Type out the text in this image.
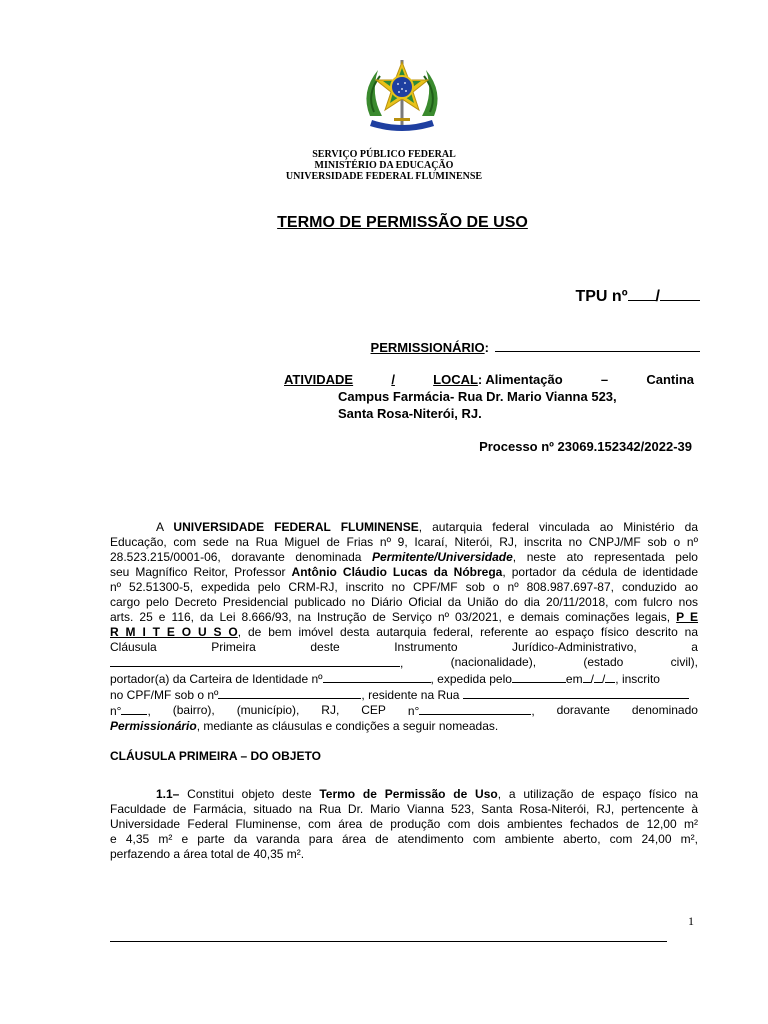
SERVIÇO PÚBLICO FEDERAL
MINISTÉRIO DA EDUCAÇÃO
UNIVERSIDADE FEDERAL FLUMINENSE
TERMO DE PERMISSÃO DE USO
TPU nº /
PERMISSIONÁRIO:
ATIVIDADE	/	LOCAL: Alimentação	–	Cantina
Campus Farmácia- Rua Dr. Mario Vianna 523,
Santa Rosa-Niterói, RJ.
Processo nº 23069.152342/2022-39
A UNIVERSIDADE FEDERAL FLUMINENSE, autarquia federal vinculada ao Ministério da
Educação, com sede na Rua Miguel de Frias nº 9, Icaraí, Niterói, RJ, inscrita no CNPJ/MF sob o nº
28.523.215/0001-06, doravante denominada Permitente/Universidade, neste ato representada pelo
seu Magnífico Reitor, Professor Antônio Cláudio Lucas da Nóbrega, portador da cédula de identidade
nº 52.51300-5, expedida pelo CRM-RJ, inscrito no CPF/MF sob o nº 808.987.697-87, conduzido ao
cargo pelo Decreto Presidencial publicado no Diário Oficial da União do dia 20/11/2018, com fulcro nos
arts. 25 e 116, da Lei 8.666/93, na Instrução de Serviço nº 03/2021, e demais cominações legais, P E
R M I T E O U S O, de bem imóvel desta autarquia federal, referente ao espaço físico descrito na
Cláusula	Primeira	deste	Instrumento	Jurídico-Administrativo,	a
,	(nacionalidade),	(estado	civil),
portador(a) da Carteira de Identidade nº	, expedida pelo	em / / , inscrito
no CPF/MF sob o nº	, residente na Rua
n° , (bairro), (município), RJ, CEP n°	, doravante denominado
Permissionário, mediante as cláusulas e condições a seguir nomeadas.
CLÁUSULA PRIMEIRA – DO OBJETO
1.1– Constitui objeto deste Termo de Permissão de Uso, a utilização de espaço físico na
Faculdade de Farmácia, situado na Rua Dr. Mario Vianna 523, Santa Rosa-Niterói, RJ, pertencente à
Universidade Federal Fluminense, com área de produção com dois ambientes fechados de 12,00 m²
e 4,35 m² e parte da varanda para área de atendimento com ambiente aberto, com 24,00 m²,
perfazendo a área total de 40,35 m².
1
